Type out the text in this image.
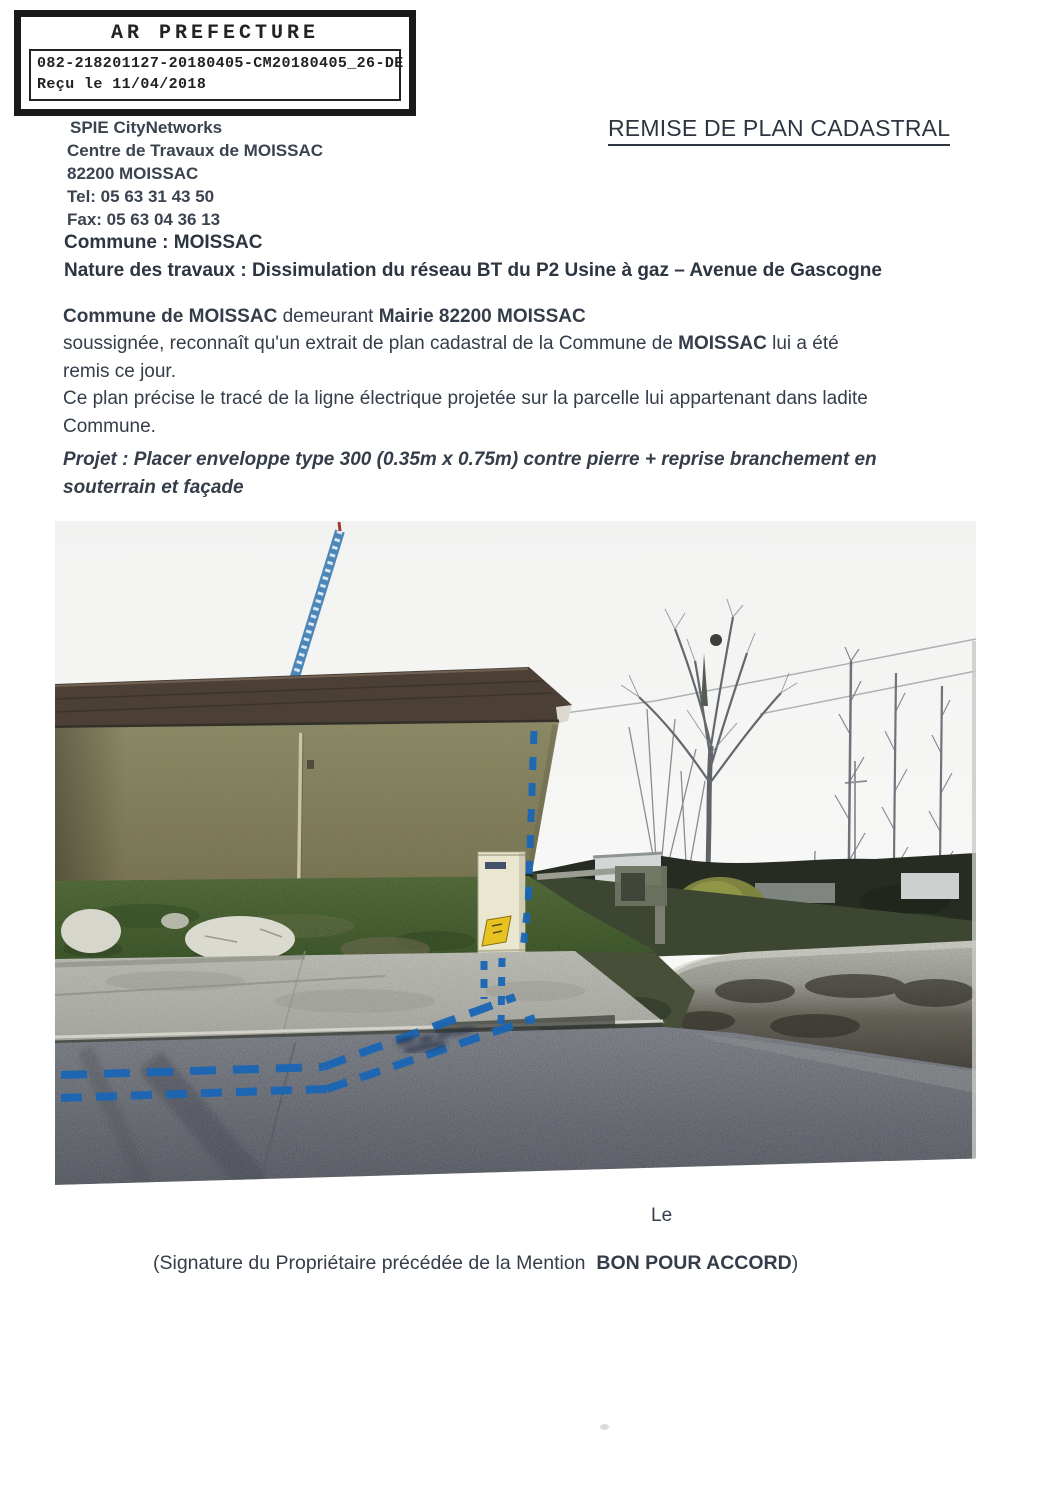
AR PREFECTURE
082-218201127-20180405-CM20180405_26-DE
Reçu le 11/04/2018
SPIE CityNetworks
Centre de Travaux de MOISSAC
82200 MOISSAC
Tel: 05 63 31 43 50
Fax: 05 63 04 36 13
REMISE DE PLAN CADASTRAL
Commune : MOISSAC
Nature des travaux : Dissimulation du réseau BT du P2 Usine à gaz – Avenue de Gascogne
Commune de MOISSAC demeurant Mairie 82200 MOISSAC
soussignée, reconnaît qu'un extrait de plan cadastral de la Commune de MOISSAC lui a été
remis ce jour.
Ce plan précise le tracé de la ligne électrique projetée sur la parcelle lui appartenant dans ladite
Commune.
Projet : Placer enveloppe type 300 (0.35m x 0.75m) contre pierre + reprise branchement en
souterrain et façade
Le
(Signature du Propriétaire précédée de la Mention  BON POUR ACCORD)
